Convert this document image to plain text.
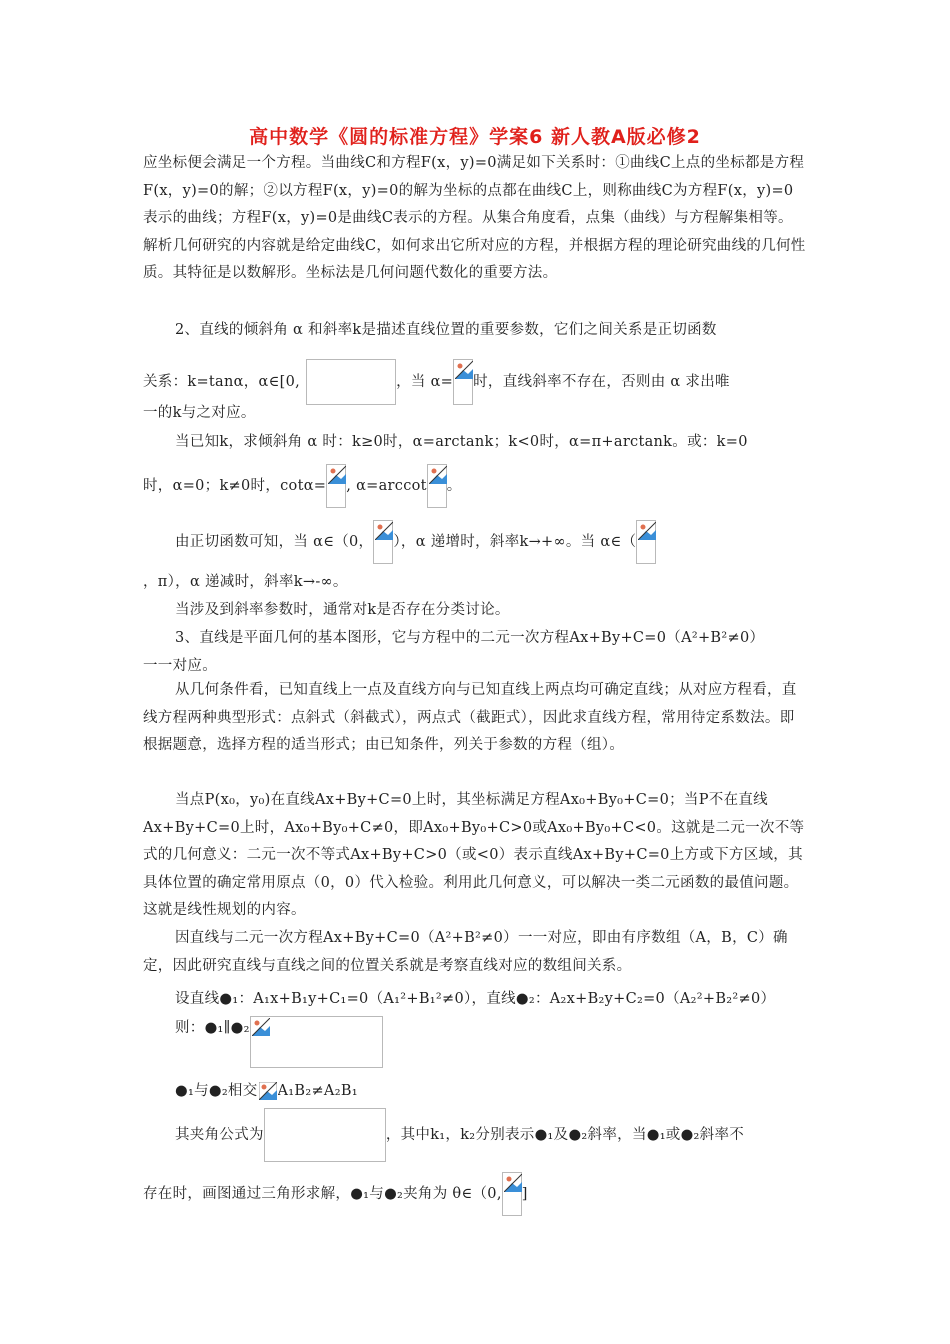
高中数学《圆的标准方程》学案6 新人教A版必修2
应坐标便会满足一个方程。当曲线C和方程F(x，y)=0满足如下关系时：①曲线C上点的坐标都是方程F(x，y)=0的解；②以方程F(x，y)=0的解为坐标的点都在曲线C上，则称曲线C为方程F(x，y)=0表示的曲线；方程F(x，y)=0是曲线C表示的方程。从集合角度看，点集（曲线）与方程解集相等。解析几何研究的内容就是给定曲线C，如何求出它所对应的方程，并根据方程的理论研究曲线的几何性质。其特征是以数解形。坐标法是几何问题代数化的重要方法。
2、直线的倾斜角 α 和斜率k是描述直线位置的重要参数，它们之间关系是正切函数
关系：k=tanα，α∈[0,	，当 α= 时，直线斜率不存在，否则由 α 求出唯
一的k与之对应。
当已知k，求倾斜角 α 时：k≥0时，α=arctank；k<0时，α=π+arctank。或：k=0
时，α=0；k≠0时，cotα= , α=arccot 。
由正切函数可知，当 α∈（0， ），α 递增时，斜率k→+∞。当 α∈（
，π），α 递减时，斜率k→-∞。
当涉及到斜率参数时，通常对k是否存在分类讨论。
3、直线是平面几何的基本图形，它与方程中的二元一次方程Ax+By+C=0（A²+B²≠0）
一一对应。
从几何条件看，已知直线上一点及直线方向与已知直线上两点均可确定直线；从对应方程看，直线方程两种典型形式：点斜式（斜截式），两点式（截距式），因此求直线方程，常用待定系数法。即根据题意，选择方程的适当形式；由已知条件，列关于参数的方程（组）。
当点P(x₀，y₀)在直线Ax+By+C=0上时，其坐标满足方程Ax₀+By₀+C=0；当P不在直线Ax+By+C=0上时，Ax₀+By₀+C≠0，即Ax₀+By₀+C>0或Ax₀+By₀+C<0。这就是二元一次不等式的几何意义：二元一次不等式Ax+By+C>0（或<0）表示直线Ax+By+C=0上方或下方区域，其具体位置的确定常用原点（0，0）代入检验。利用此几何意义，可以解决一类二元函数的最值问题。这就是线性规划的内容。
因直线与二元一次方程Ax+By+C=0（A²+B²≠0）一一对应，即由有序数组（A，B，C）确定，因此研究直线与直线之间的位置关系就是考察直线对应的数组间关系。
设直线●₁：A₁x+B₁y+C₁=0（A₁²+B₁²≠0），直线●₂：A₂x+B₂y+C₂=0（A₂²+B₂²≠0）
则：●₁∥●₂
●₁与●₂相交 A₁B₂≠A₂B₁
其夹角公式为	，其中k₁，k₂分别表示●₁及●₂斜率，当●₁或●₂斜率不
存在时，画图通过三角形求解，●₁与●₂夹角为 θ∈（0, ]
